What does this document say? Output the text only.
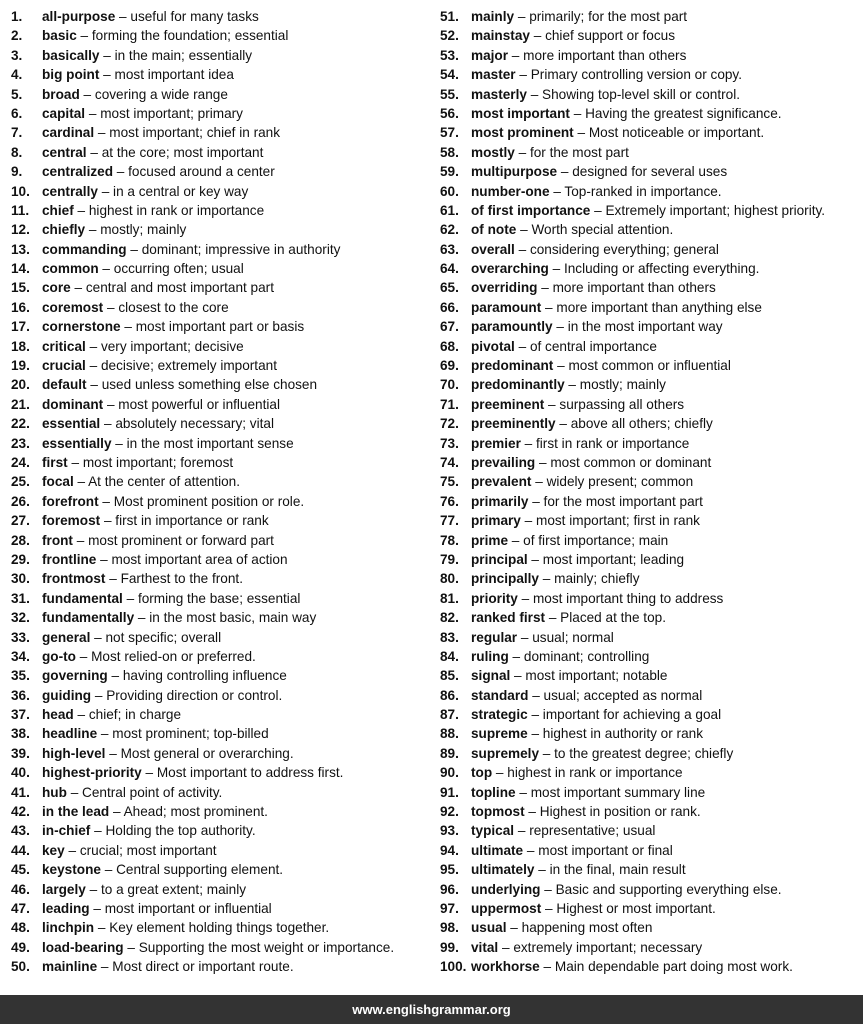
1. all-purpose – useful for many tasks
2. basic – forming the foundation; essential
3. basically – in the main; essentially
4. big point – most important idea
5. broad – covering a wide range
6. capital – most important; primary
7. cardinal – most important; chief in rank
8. central – at the core; most important
9. centralized – focused around a center
10. centrally – in a central or key way
11. chief – highest in rank or importance
12. chiefly – mostly; mainly
13. commanding – dominant; impressive in authority
14. common – occurring often; usual
15. core – central and most important part
16. coremost – closest to the core
17. cornerstone – most important part or basis
18. critical – very important; decisive
19. crucial – decisive; extremely important
20. default – used unless something else chosen
21. dominant – most powerful or influential
22. essential – absolutely necessary; vital
23. essentially – in the most important sense
24. first – most important; foremost
25. focal – At the center of attention.
26. forefront – Most prominent position or role.
27. foremost – first in importance or rank
28. front – most prominent or forward part
29. frontline – most important area of action
30. frontmost – Farthest to the front.
31. fundamental – forming the base; essential
32. fundamentally – in the most basic, main way
33. general – not specific; overall
34. go-to – Most relied-on or preferred.
35. governing – having controlling influence
36. guiding – Providing direction or control.
37. head – chief; in charge
38. headline – most prominent; top-billed
39. high-level – Most general or overarching.
40. highest-priority – Most important to address first.
41. hub – Central point of activity.
42. in the lead – Ahead; most prominent.
43. in-chief – Holding the top authority.
44. key – crucial; most important
45. keystone – Central supporting element.
46. largely – to a great extent; mainly
47. leading – most important or influential
48. linchpin – Key element holding things together.
49. load-bearing – Supporting the most weight or importance.
50. mainline – Most direct or important route.
51. mainly – primarily; for the most part
52. mainstay – chief support or focus
53. major – more important than others
54. master – Primary controlling version or copy.
55. masterly – Showing top-level skill or control.
56. most important – Having the greatest significance.
57. most prominent – Most noticeable or important.
58. mostly – for the most part
59. multipurpose – designed for several uses
60. number-one – Top-ranked in importance.
61. of first importance – Extremely important; highest priority.
62. of note – Worth special attention.
63. overall – considering everything; general
64. overarching – Including or affecting everything.
65. overriding – more important than others
66. paramount – more important than anything else
67. paramountly – in the most important way
68. pivotal – of central importance
69. predominant – most common or influential
70. predominantly – mostly; mainly
71. preeminent – surpassing all others
72. preeminently – above all others; chiefly
73. premier – first in rank or importance
74. prevailing – most common or dominant
75. prevalent – widely present; common
76. primarily – for the most important part
77. primary – most important; first in rank
78. prime – of first importance; main
79. principal – most important; leading
80. principally – mainly; chiefly
81. priority – most important thing to address
82. ranked first – Placed at the top.
83. regular – usual; normal
84. ruling – dominant; controlling
85. signal – most important; notable
86. standard – usual; accepted as normal
87. strategic – important for achieving a goal
88. supreme – highest in authority or rank
89. supremely – to the greatest degree; chiefly
90. top – highest in rank or importance
91. topline – most important summary line
92. topmost – Highest in position or rank.
93. typical – representative; usual
94. ultimate – most important or final
95. ultimately – in the final, main result
96. underlying – Basic and supporting everything else.
97. uppermost – Highest or most important.
98. usual – happening most often
99. vital – extremely important; necessary
100. workhorse – Main dependable part doing most work.
www.englishgrammar.org
